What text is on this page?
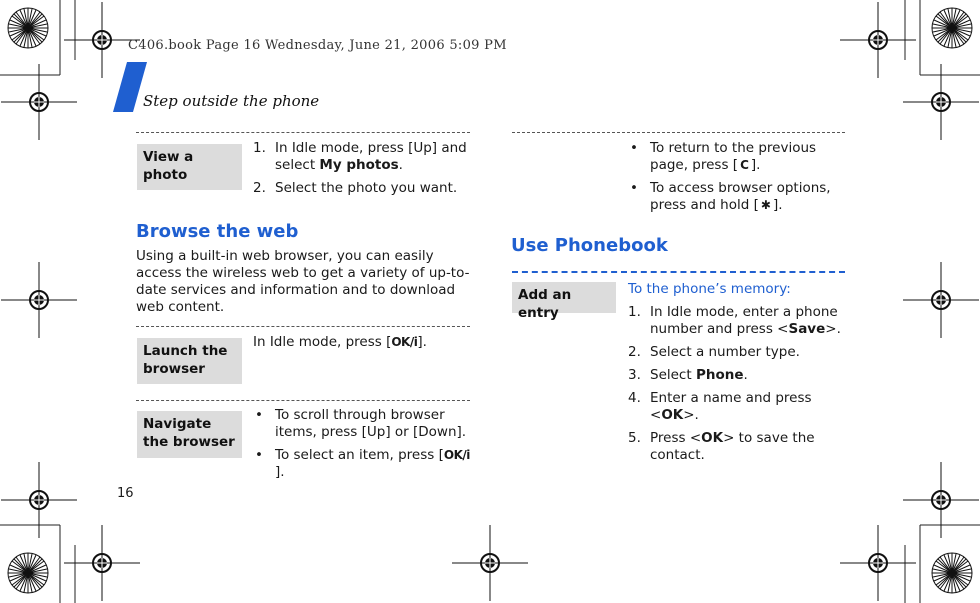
C406.book Page 16 Wednesday, June 21, 2006 5:09 PM
Step outside the phone
View a photo
1. In Idle mode, press [Up] and select My photos.
2. Select the photo you want.
Browse the web
Using a built-in web browser, you can easily access the wireless web to get a variety of up-to-date services and information and to download web content.
Launch the browser
In Idle mode, press [OK/i].
Navigate the browser
• To scroll through browser items, press [Up] or [Down].
• To select an item, press [OK/i].
16
• To return to the previous page, press [ C ].
• To access browser options, press and hold [ ✱ ].
Use Phonebook
Add an entry
To the phone’s memory:
1. In Idle mode, enter a phone number and press <Save>.
2. Select a number type.
3. Select Phone.
4. Enter a name and press <OK>.
5. Press <OK> to save the contact.
